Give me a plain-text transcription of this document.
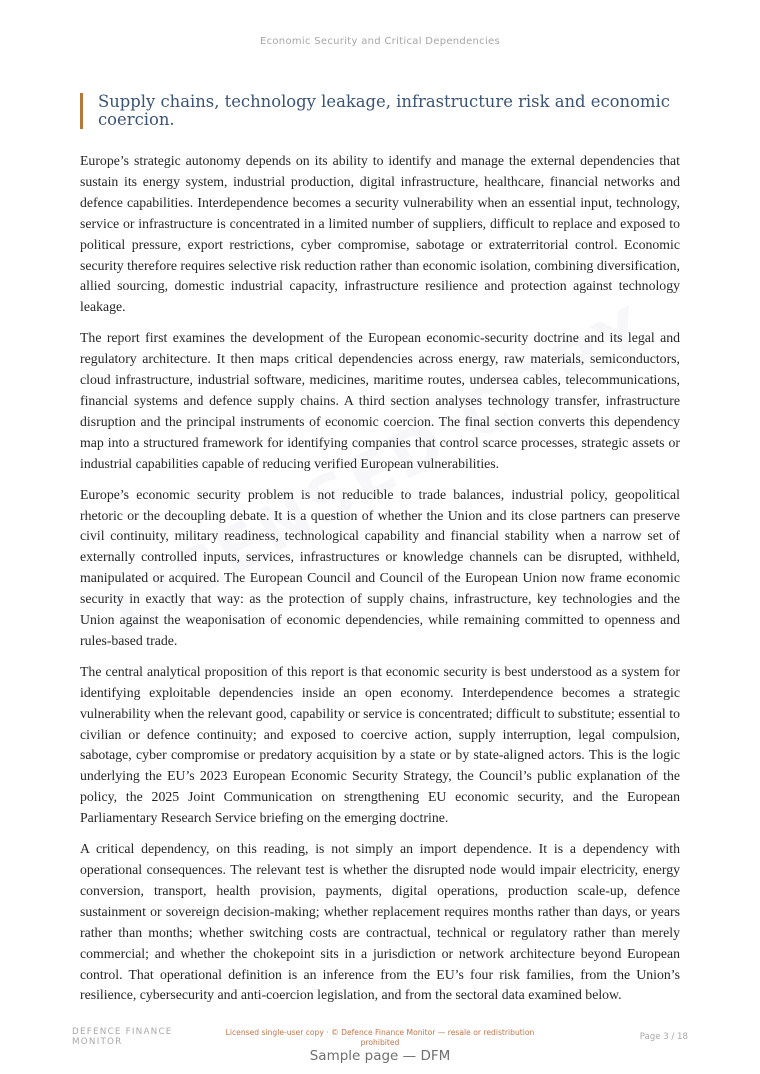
Economic Security and Critical Dependencies
Supply chains, technology leakage, infrastructure risk and economic coercion.

Europe’s strategic autonomy depends on its ability to identify and manage the external dependencies that sustain its energy system, industrial production, digital infrastructure, healthcare, financial networks and defence capabilities. Interdependence becomes a security vulnerability when an essential input, technology, service or infrastructure is concentrated in a limited number of suppliers, difficult to replace and exposed to political pressure, export restrictions, cyber compromise, sabotage or extraterritorial control. Economic security therefore requires selective risk reduction rather than economic isolation, combining diversification, allied sourcing, domestic industrial capacity, infrastructure resilience and protection against technology leakage.

The report first examines the development of the European economic-security doctrine and its legal and regulatory architecture. It then maps critical dependencies across energy, raw materials, semiconductors, cloud infrastructure, industrial software, medicines, maritime routes, undersea cables, telecommunications, financial systems and defence supply chains. A third section analyses technology transfer, infrastructure disruption and the principal instruments of economic coercion. The final section converts this dependency map into a structured framework for identifying companies that control scarce processes, strategic assets or industrial capabilities capable of reducing verified European vulnerabilities.

Europe’s economic security problem is not reducible to trade balances, industrial policy, geopolitical rhetoric or the decoupling debate. It is a question of whether the Union and its close partners can preserve civil continuity, military readiness, technological capability and financial stability when a narrow set of externally controlled inputs, services, infrastructures or knowledge channels can be disrupted, withheld, manipulated or acquired. The European Council and Council of the European Union now frame economic security in exactly that way: as the protection of supply chains, infrastructure, key technologies and the Union against the weaponisation of economic dependencies, while remaining committed to openness and rules-based trade.

The central analytical proposition of this report is that economic security is best understood as a system for identifying exploitable dependencies inside an open economy. Interdependence becomes a strategic vulnerability when the relevant good, capability or service is concentrated; difficult to substitute; essential to civilian or defence continuity; and exposed to coercive action, supply interruption, legal compulsion, sabotage, cyber compromise or predatory acquisition by a state or by state-aligned actors. This is the logic underlying the EU’s 2023 European Economic Security Strategy, the Council’s public explanation of the policy, the 2025 Joint Communication on strengthening EU economic security, and the European Parliamentary Research Service briefing on the emerging doctrine.

A critical dependency, on this reading, is not simply an import dependence. It is a dependency with operational consequences. The relevant test is whether the disrupted node would impair electricity, energy conversion, transport, health provision, payments, digital operations, production scale-up, defence sustainment or sovereign decision-making; whether replacement requires months rather than days, or years rather than months; whether switching costs are contractual, technical or regulatory rather than merely commercial; and whether the chokepoint sits in a jurisdiction or network architecture beyond European control. That operational definition is an inference from the EU’s four risk families, from the Union’s resilience, cybersecurity and anti-coercion legislation, and from the sectoral data examined below.

DEFENCE FINANCE MONITOR
Licensed single-user copy · © Defence Finance Monitor — resale or redistribution prohibited
Page 3 / 18
Sample page — DFM
